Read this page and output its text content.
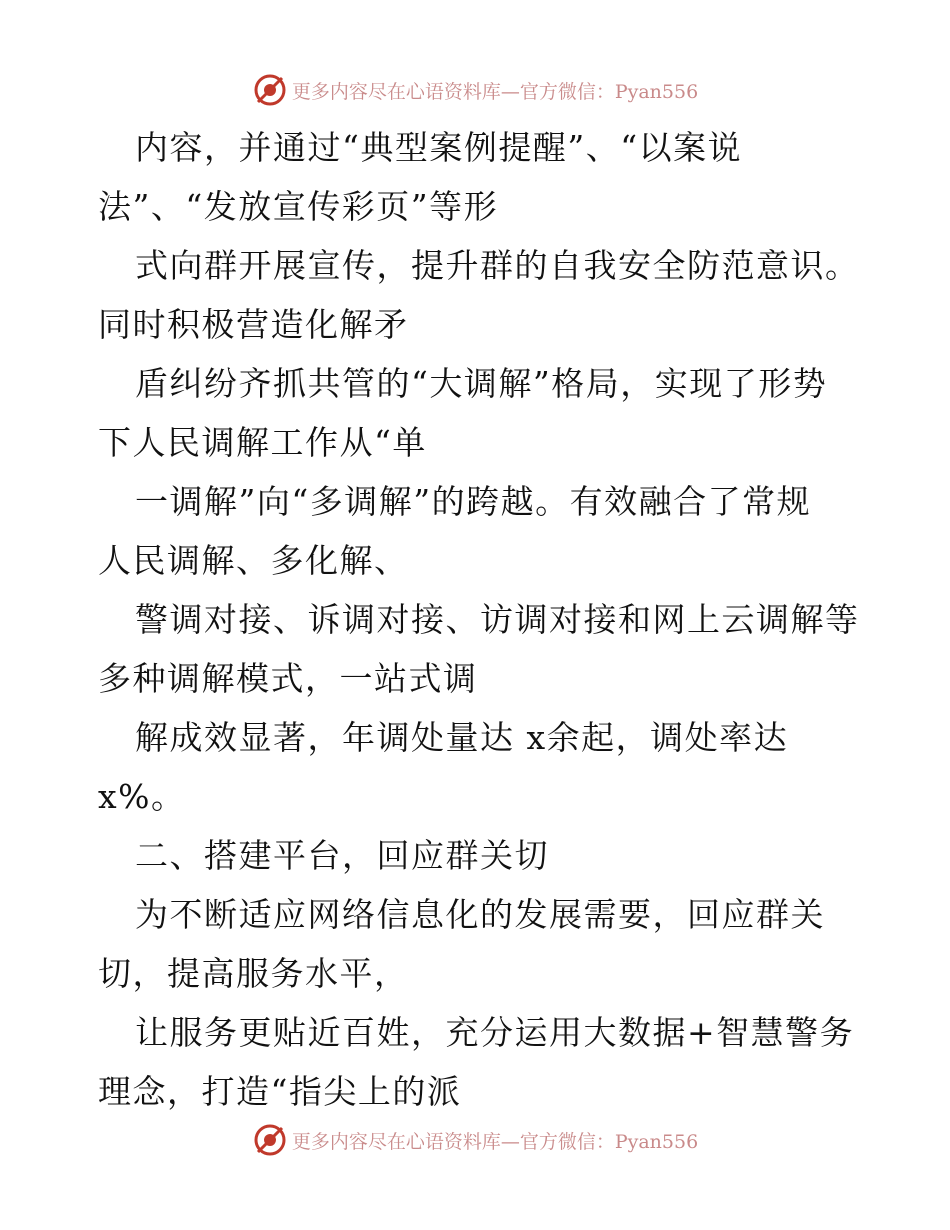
更多内容尽在心语资料库—官方微信：Pyan556
内容，并通过“典型案例提醒”、“以案说
法”、“发放宣传彩页”等形
式向群开展宣传，提升群的自我安全防范意识。
同时积极营造化解矛
盾纠纷齐抓共管的“大调解”格局，实现了形势
下人民调解工作从“单
一调解”向“多调解”的跨越。有效融合了常规
人民调解、多化解、
警调对接、诉调对接、访调对接和网上云调解等
多种调解模式，一站式调
解成效显著，年调处量达 x余起，调处率达
x%。
二、搭建平台，回应群关切
为不断适应网络信息化的发展需要，回应群关
切，提高服务水平，
让服务更贴近百姓，充分运用大数据+智慧警务
理念，打造“指尖上的派
更多内容尽在心语资料库—官方微信：Pyan556
